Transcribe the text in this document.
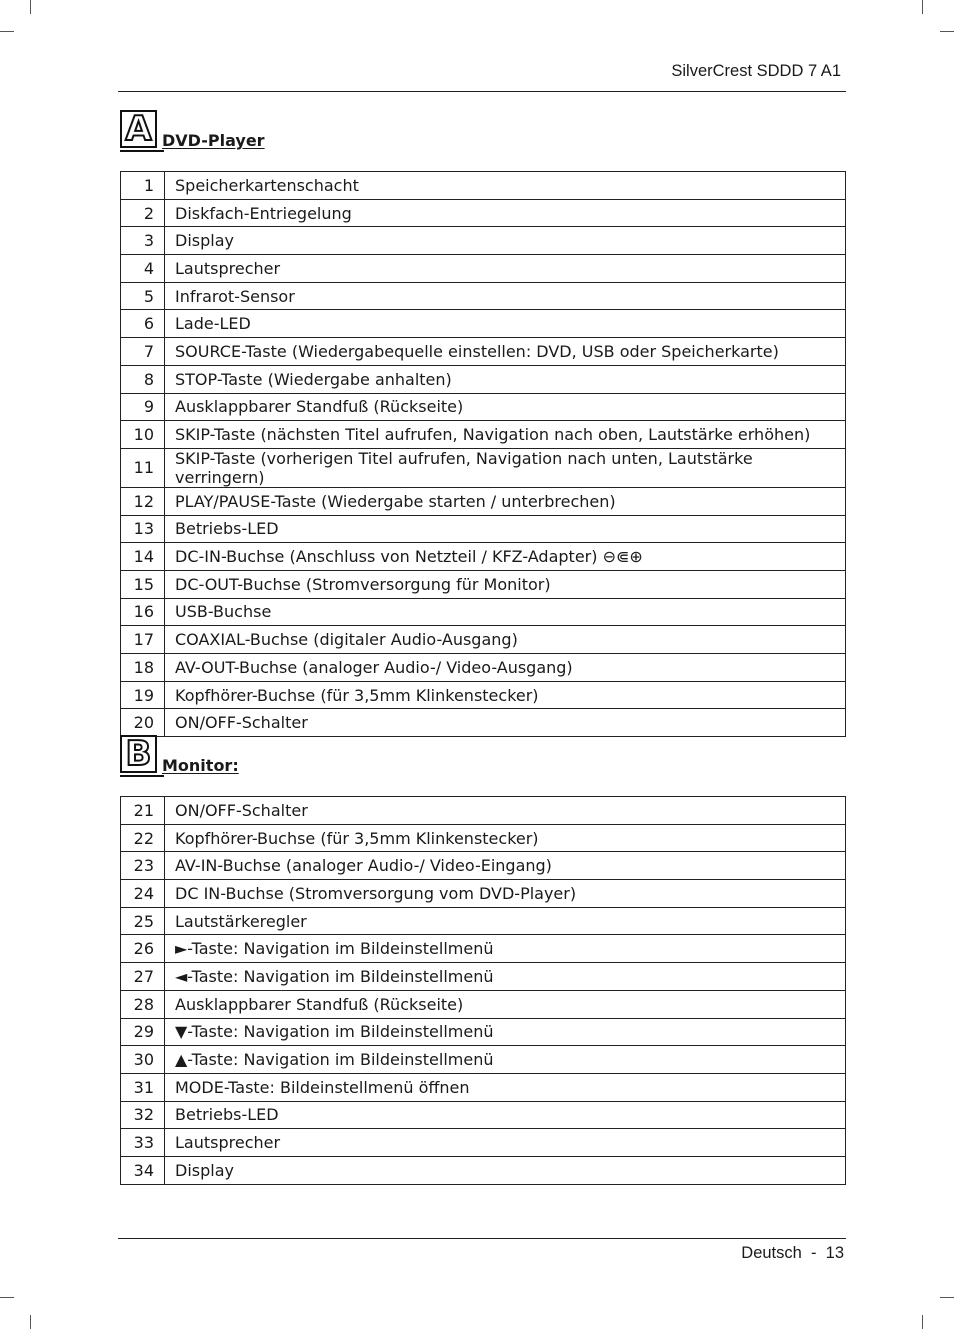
SilverCrest SDDD 7 A1
A DVD-Player
1	Speicherkartenschacht
2	Diskfach-Entriegelung
3	Display
4	Lautsprecher
5	Infrarot-Sensor
6	Lade-LED
7	SOURCE-Taste (Wiedergabequelle einstellen: DVD, USB oder Speicherkarte)
8	STOP-Taste (Wiedergabe anhalten)
9	Ausklappbarer Standfuß (Rückseite)
10	SKIP-Taste (nächsten Titel aufrufen, Navigation nach oben, Lautstärke erhöhen)
11	SKIP-Taste (vorherigen Titel aufrufen, Navigation nach unten, Lautstärke verringern)
12	PLAY/PAUSE-Taste (Wiedergabe starten / unterbrechen)
13	Betriebs-LED
14	DC-IN-Buchse (Anschluss von Netzteil / KFZ-Adapter) ⊖⋐⊕
15	DC-OUT-Buchse (Stromversorgung für Monitor)
16	USB-Buchse
17	COAXIAL-Buchse (digitaler Audio-Ausgang)
18	AV-OUT-Buchse (analoger Audio-/ Video-Ausgang)
19	Kopfhörer-Buchse (für 3,5mm Klinkenstecker)
20	ON/OFF-Schalter
B Monitor:
21	ON/OFF-Schalter
22	Kopfhörer-Buchse (für 3,5mm Klinkenstecker)
23	AV-IN-Buchse (analoger Audio-/ Video-Eingang)
24	DC IN-Buchse (Stromversorgung vom DVD-Player)
25	Lautstärkeregler
26	►-Taste: Navigation im Bildeinstellmenü
27	◄-Taste: Navigation im Bildeinstellmenü
28	Ausklappbarer Standfuß (Rückseite)
29	▼-Taste: Navigation im Bildeinstellmenü
30	▲-Taste: Navigation im Bildeinstellmenü
31	MODE-Taste: Bildeinstellmenü öffnen
32	Betriebs-LED
33	Lautsprecher
34	Display
Deutsch  -  13
